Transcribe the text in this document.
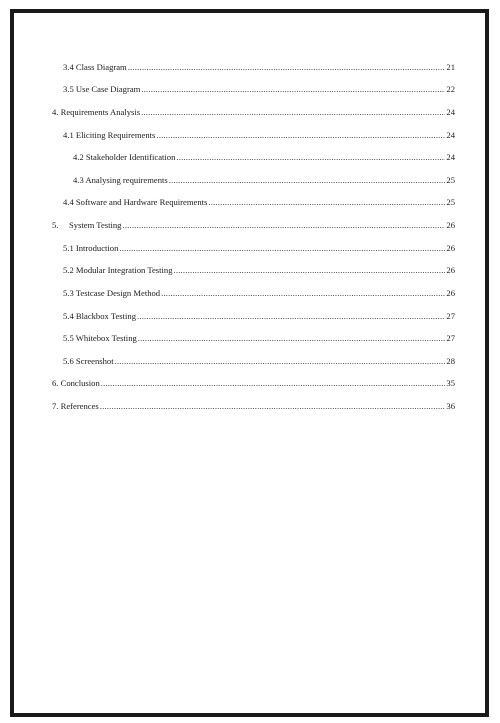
3.4 Class Diagram .....	21
3.5 Use Case Diagram .....	22
4. Requirements Analysis .....	24
4.1 Eliciting Requirements .....	24
4.2 Stakeholder Identification .....	24
4.3 Analysing requirements .....	25
4.4 Software and Hardware Requirements .....	25
5. System Testing .....	26
5.1 Introduction .....	26
5.2 Modular Integration Testing .....	26
5.3 Testcase Design Method .....	26
5.4 Blackbox Testing .....	27
5.5 Whitebox Testing .....	27
5.6 Screenshot .....	28
6. Conclusion .....	35
7. References .....	36
